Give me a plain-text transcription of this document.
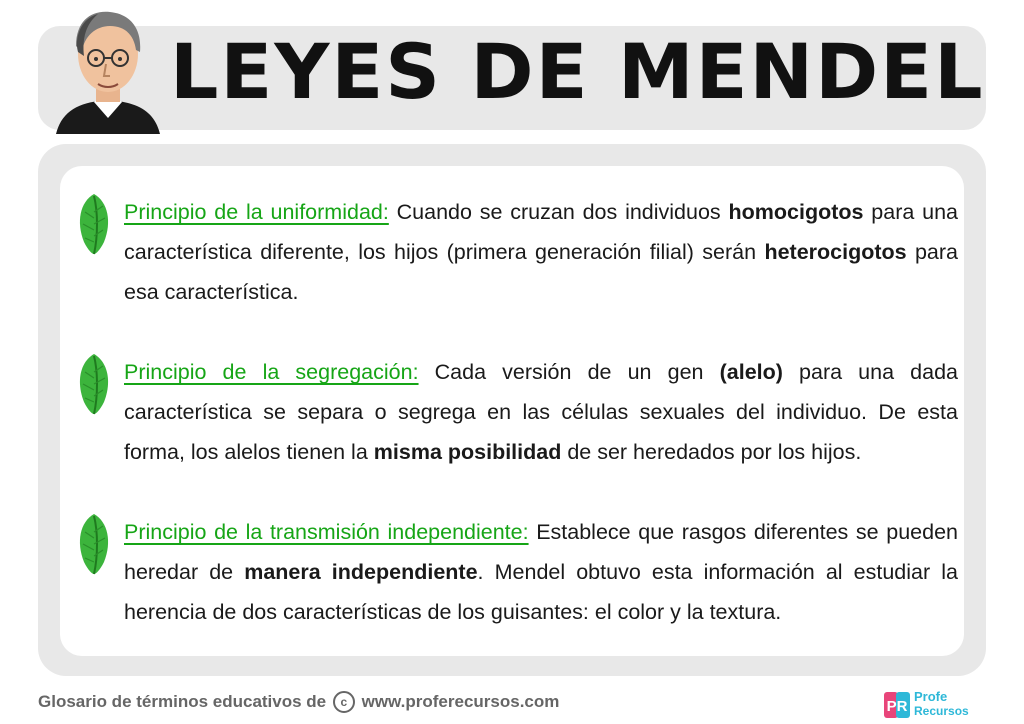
LEYES DE MENDEL
Principio de la uniformidad: Cuando se cruzan dos individuos homocigotos para una característica diferente, los hijos (primera generación filial) serán heterocigotos para esa característica.
Principio de la segregación: Cada versión de un gen (alelo) para una dada característica se separa o segrega en las células sexuales del individuo. De esta forma, los alelos tienen la misma posibilidad de ser heredados por los hijos.
Principio de la transmisión independiente: Establece que rasgos diferentes se pueden heredar de manera independiente. Mendel obtuvo esta información al estudiar la herencia de dos características de los guisantes: el color y la textura.
Glosario de términos educativos de c www.proferecursos.com	PR
Profe
Recursos
